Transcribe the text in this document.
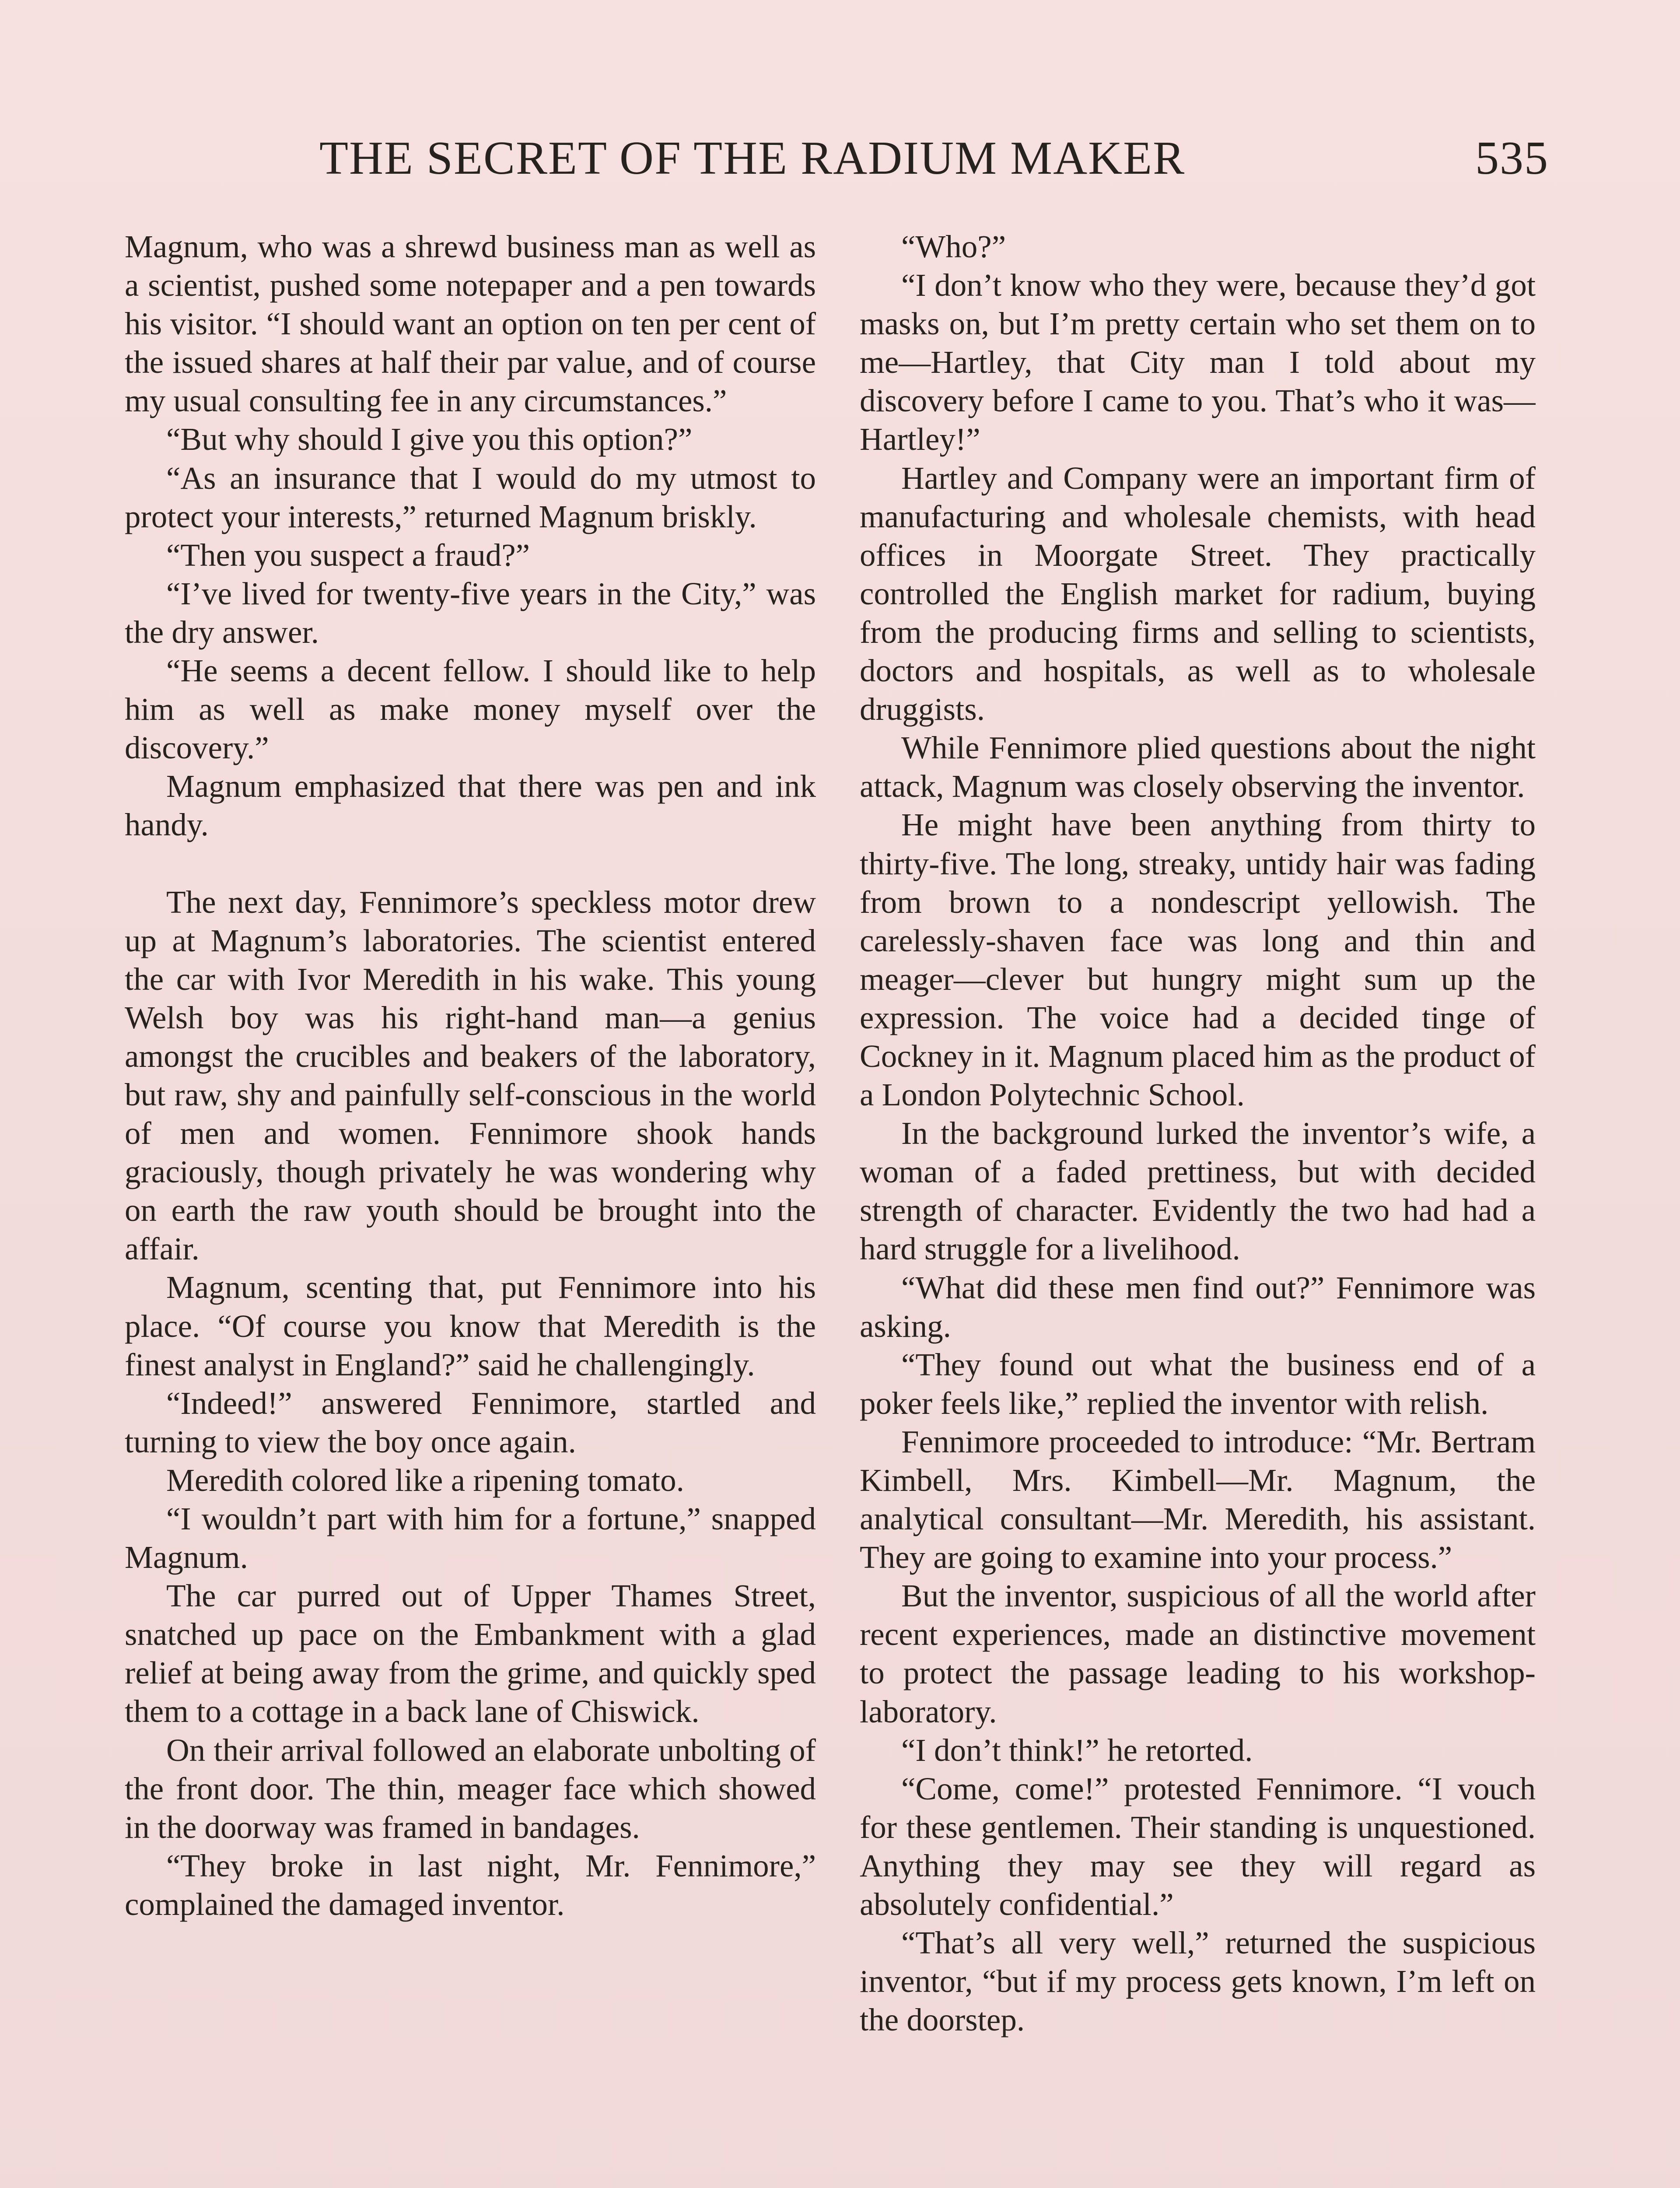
THE SECRET OF THE RADIUM MAKER	535

Magnum, who was a shrewd business man as well as a scientist, pushed some notepaper and a pen towards his visitor. “I should want an option on ten per cent of the issued shares at half their par value, and of course my usual consulting fee in any circumstances.”

“But why should I give you this option?”

“As an insurance that I would do my utmost to protect your interests,” returned Magnum briskly.

“Then you suspect a fraud?”

“I’ve lived for twenty-five years in the City,” was the dry answer.

“He seems a decent fellow. I should like to help him as well as make money myself over the discovery.”

Magnum emphasized that there was pen and ink handy.

The next day, Fennimore’s speckless motor drew up at Magnum’s laboratories. The scientist entered the car with Ivor Meredith in his wake. This young Welsh boy was his right-hand man—a genius amongst the crucibles and beakers of the laboratory, but raw, shy and painfully self-conscious in the world of men and women. Fennimore shook hands graciously, though privately he was wondering why on earth the raw youth should be brought into the affair.

Magnum, scenting that, put Fennimore into his place. “Of course you know that Meredith is the finest analyst in England?” said he challengingly.

“Indeed!” answered Fennimore, startled and turning to view the boy once again.

Meredith colored like a ripening tomato.

“I wouldn’t part with him for a fortune,” snapped Magnum.

The car purred out of Upper Thames Street, snatched up pace on the Embankment with a glad relief at being away from the grime, and quickly sped them to a cottage in a back lane of Chiswick.

On their arrival followed an elaborate unbolting of the front door. The thin, meager face which showed in the doorway was framed in bandages.

“They broke in last night, Mr. Fennimore,” complained the damaged inventor.

“Who?”

“I don’t know who they were, because they’d got masks on, but I’m pretty certain who set them on to me—Hartley, that City man I told about my discovery before I came to you. That’s who it was—Hartley!”

Hartley and Company were an important firm of manufacturing and wholesale chemists, with head offices in Moorgate Street. They practically controlled the English market for radium, buying from the producing firms and selling to scientists, doctors and hospitals, as well as to wholesale druggists.

While Fennimore plied questions about the night attack, Magnum was closely observing the inventor.

He might have been anything from thirty to thirty-five. The long, streaky, untidy hair was fading from brown to a nondescript yellowish. The carelessly-shaven face was long and thin and meager—clever but hungry might sum up the expression. The voice had a decided tinge of Cockney in it. Magnum placed him as the product of a London Polytechnic School.

In the background lurked the inventor’s wife, a woman of a faded prettiness, but with decided strength of character. Evidently the two had had a hard struggle for a livelihood.

“What did these men find out?” Fennimore was asking.

“They found out what the business end of a poker feels like,” replied the inventor with relish.

Fennimore proceeded to introduce: “Mr. Bertram Kimbell, Mrs. Kimbell—Mr. Magnum, the analytical consultant—Mr. Meredith, his assistant. They are going to examine into your process.”

But the inventor, suspicious of all the world after recent experiences, made an distinctive movement to protect the passage leading to his workshop-laboratory.

“I don’t think!” he retorted.

“Come, come!” protested Fennimore. “I vouch for these gentlemen. Their standing is unquestioned. Anything they may see they will regard as absolutely confidential.”

“That’s all very well,” returned the suspicious inventor, “but if my process gets known, I’m left on the doorstep.
